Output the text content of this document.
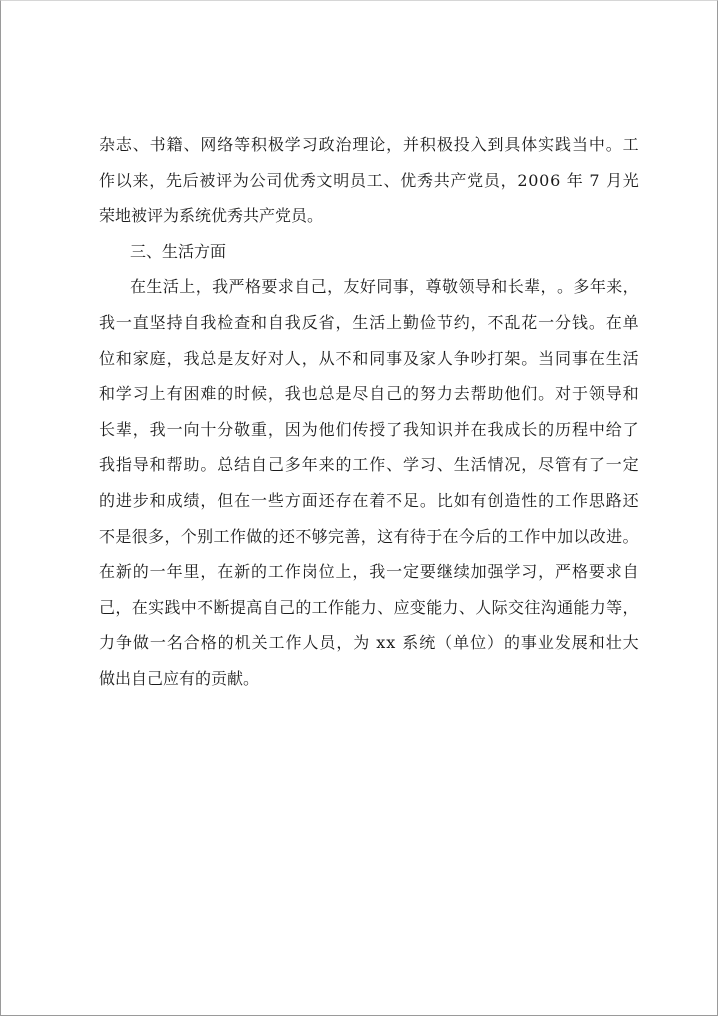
杂 志 、 书 籍 、 网 络 等 积 极 学 习 政 治 理 论 ， 并 积 极 投 入 到 具 体 实 践 当 中 。 工
作 以 来 ， 先 后 被 评 为 公 司 优 秀 文 明 员 工 、 优 秀 共 产 党 员 ， 2 0 0 6
年
7
月 光
荣地被评为系统优秀共产党员。
三、生活方面
在 生 活 上 ， 我 严 格 要 求 自 己 ， 友 好 同 事 ， 尊 敬 领 导 和 长 辈 ， 。 多 年 来 ，
我 一 直 坚 持 自 我 检 查 和 自 我 反 省 ， 生 活 上 勤 俭 节 约 ， 不 乱 花 一 分 钱 。 在 单
位 和 家 庭 ， 我 总 是 友 好 对 人 ， 从 不 和 同 事 及 家 人 争 吵 打 架 。 当 同 事 在 生 活
和 学 习 上 有 困 难 的 时 候 ， 我 也 总 是 尽 自 己 的 努 力 去 帮 助 他 们 。 对 于 领 导 和
长 辈 ， 我 一 向 十 分 敬 重 ， 因 为 他 们 传 授 了 我 知 识 并 在 我 成 长 的 历 程 中 给 了
我 指 导 和 帮 助 。 总 结 自 己 多 年 来 的 工 作 、 学 习 、 生 活 情 况 ， 尽 管 有 了 一 定
的 进 步 和 成 绩 ， 但 在 一 些 方 面 还 存 在 着 不 足 。 比 如 有 创 造 性 的 工 作 思 路 还
不 是 很 多 ， 个 别 工 作 做 的 还 不 够 完 善 ， 这 有 待 于 在 今 后 的 工 作 中 加 以 改 进 。
在 新 的 一 年 里 ， 在 新 的 工 作 岗 位 上 ， 我 一 定 要 继 续 加 强 学 习 ， 严 格 要 求 自
己 ， 在 实 践 中 不 断 提 高 自 己 的 工 作 能 力 、 应 变 能 力 、 人 际 交 往 沟 通 能 力 等 ，
力 争 做 一 名 合 格 的 机 关 工 作 人 员 ， 为
x x
系 统 （ 单 位 ） 的 事 业 发 展 和 壮 大
做出自己应有的贡献。
